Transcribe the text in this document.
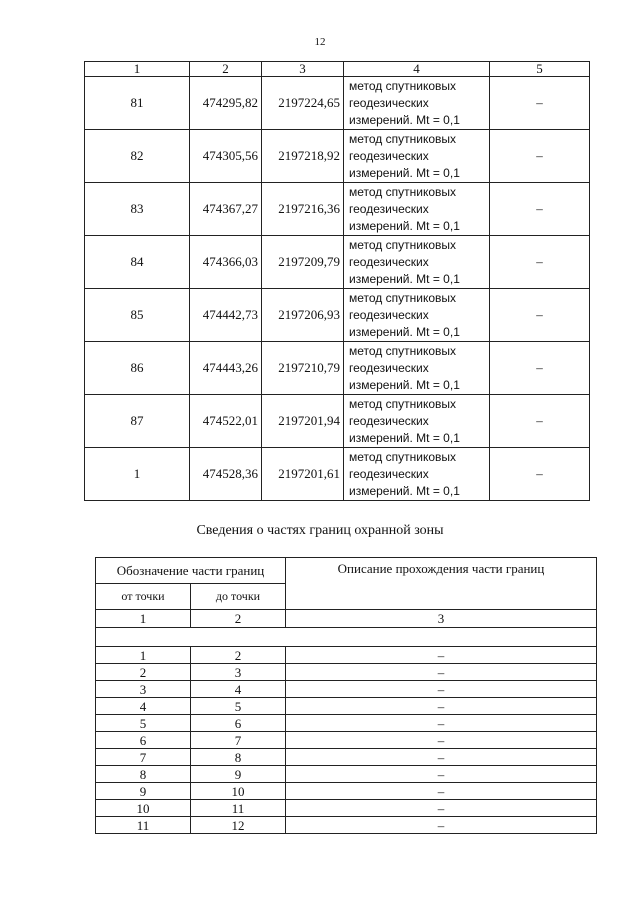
12
1	2	3	4	5
81	474295,82	2197224,65	метод спутниковых
геодезических
измерений. Mt = 0,1	–
82	474305,56	2197218,92	метод спутниковых
геодезических
измерений. Mt = 0,1	–
83	474367,27	2197216,36	метод спутниковых
геодезических
измерений. Mt = 0,1	–
84	474366,03	2197209,79	метод спутниковых
геодезических
измерений. Mt = 0,1	–
85	474442,73	2197206,93	метод спутниковых
геодезических
измерений. Mt = 0,1	–
86	474443,26	2197210,79	метод спутниковых
геодезических
измерений. Mt = 0,1	–
87	474522,01	2197201,94	метод спутниковых
геодезических
измерений. Mt = 0,1	–
1	474528,36	2197201,61	метод спутниковых
геодезических
измерений. Mt = 0,1	–
Сведения о частях границ охранной зоны
Обозначение части границ		Описание прохождения части границ
от точки	до точки	
1	2	3

1	2	–
2	3	–
3	4	–
4	5	–
5	6	–
6	7	–
7	8	–
8	9	–
9	10	–
10	11	–
11	12	–
